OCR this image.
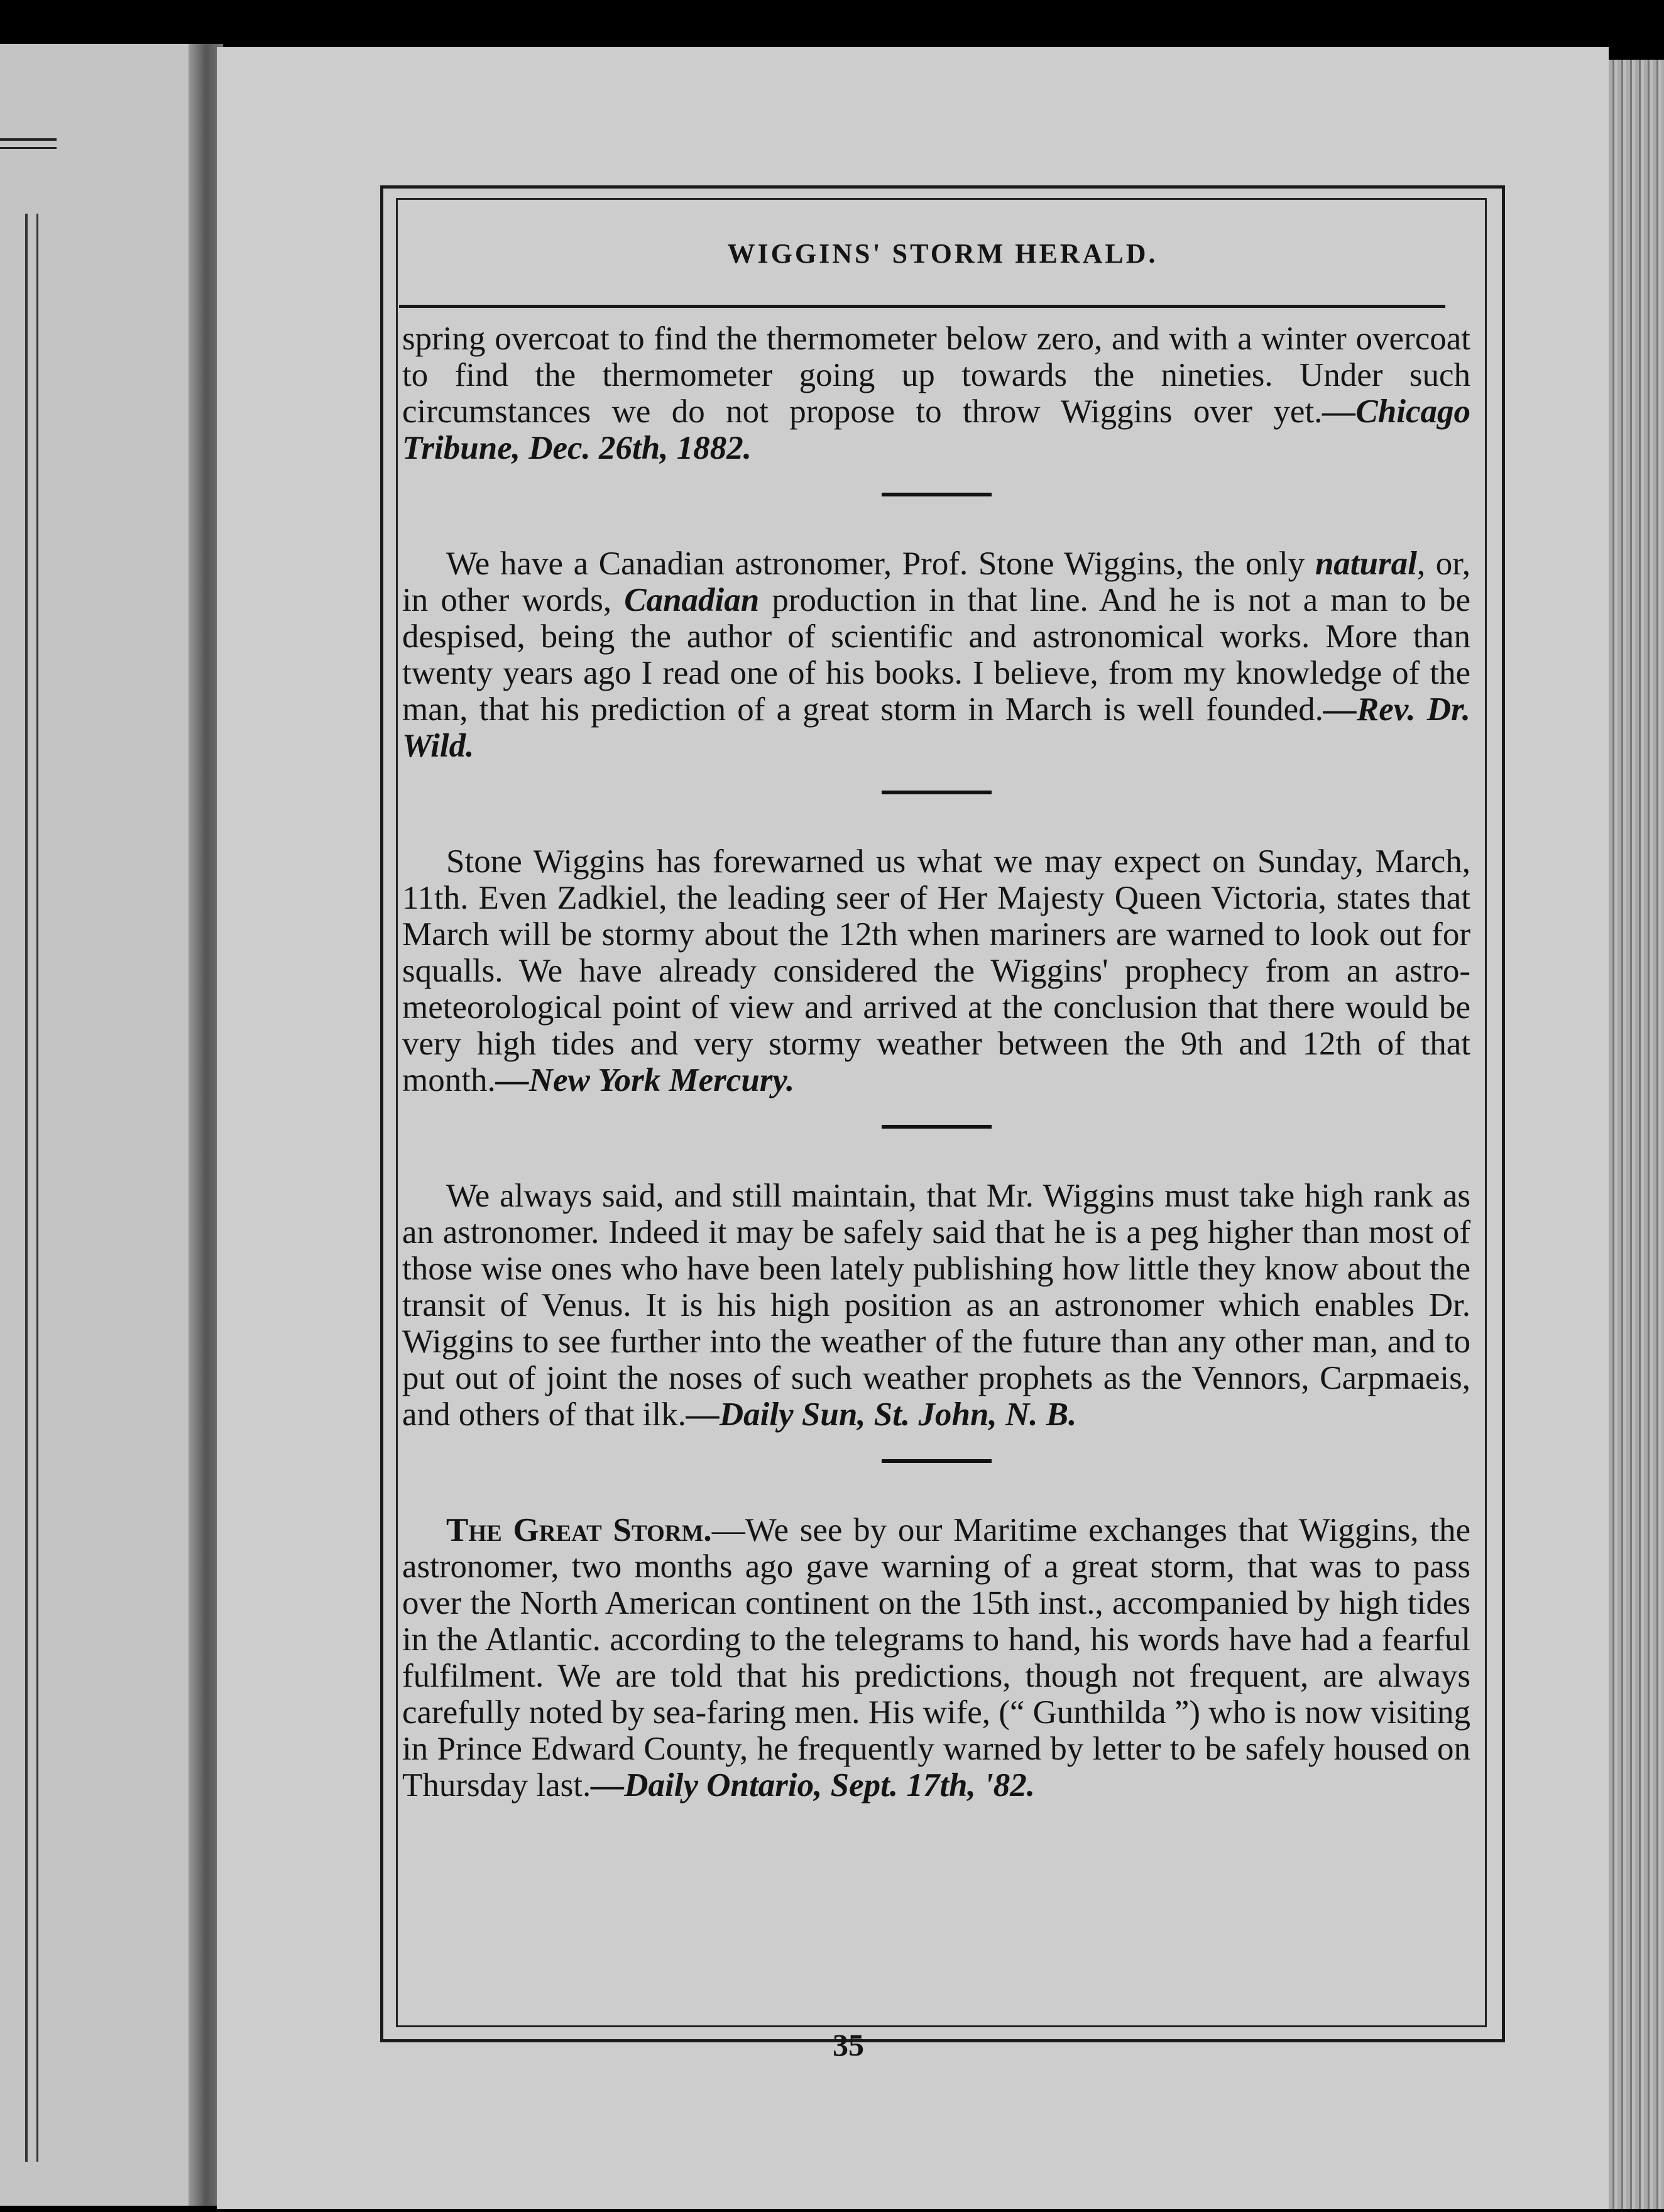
WIGGINS' STORM HERALD.

spring overcoat to find the thermometer below zero, and with a winter overcoat to find the thermometer going up towards the nineties. Under such circumstances we do not propose to throw Wiggins over yet.—Chicago Tribune, Dec. 26th, 1882.

We have a Canadian astronomer, Prof. Stone Wiggins, the only natural, or, in other words, Canadian production in that line. And he is not a man to be despised, being the author of scientific and astronomical works. More than twenty years ago I read one of his books. I believe, from my knowledge of the man, that his prediction of a great storm in March is well founded.—Rev. Dr. Wild.

Stone Wiggins has forewarned us what we may expect on Sunday, March, 11th. Even Zadkiel, the leading seer of Her Majesty Queen Victoria, states that March will be stormy about the 12th when mariners are warned to look out for squalls. We have already considered the Wiggins' prophecy from an astro-meteorological point of view and arrived at the conclusion that there would be very high tides and very stormy weather between the 9th and 12th of that month.—New York Mercury.

We always said, and still maintain, that Mr. Wiggins must take high rank as an astronomer. Indeed it may be safely said that he is a peg higher than most of those wise ones who have been lately publishing how little they know about the transit of Venus. It is his high position as an astronomer which enables Dr. Wiggins to see further into the weather of the future than any other man, and to put out of joint the noses of such weather prophets as the Vennors, Carpmaeis, and others of that ilk.—Daily Sun, St. John, N. B.

The Great Storm.—We see by our Maritime exchanges that Wiggins, the astronomer, two months ago gave warning of a great storm, that was to pass over the North American continent on the 15th inst., accompanied by high tides in the Atlantic. according to the telegrams to hand, his words have had a fearful fulfilment. We are told that his predictions, though not frequent, are always carefully noted by sea-faring men. His wife, (“ Gunthilda ”) who is now visiting in Prince Edward County, he frequently warned by letter to be safely housed on Thursday last.—Daily Ontario, Sept. 17th, '82.

35
